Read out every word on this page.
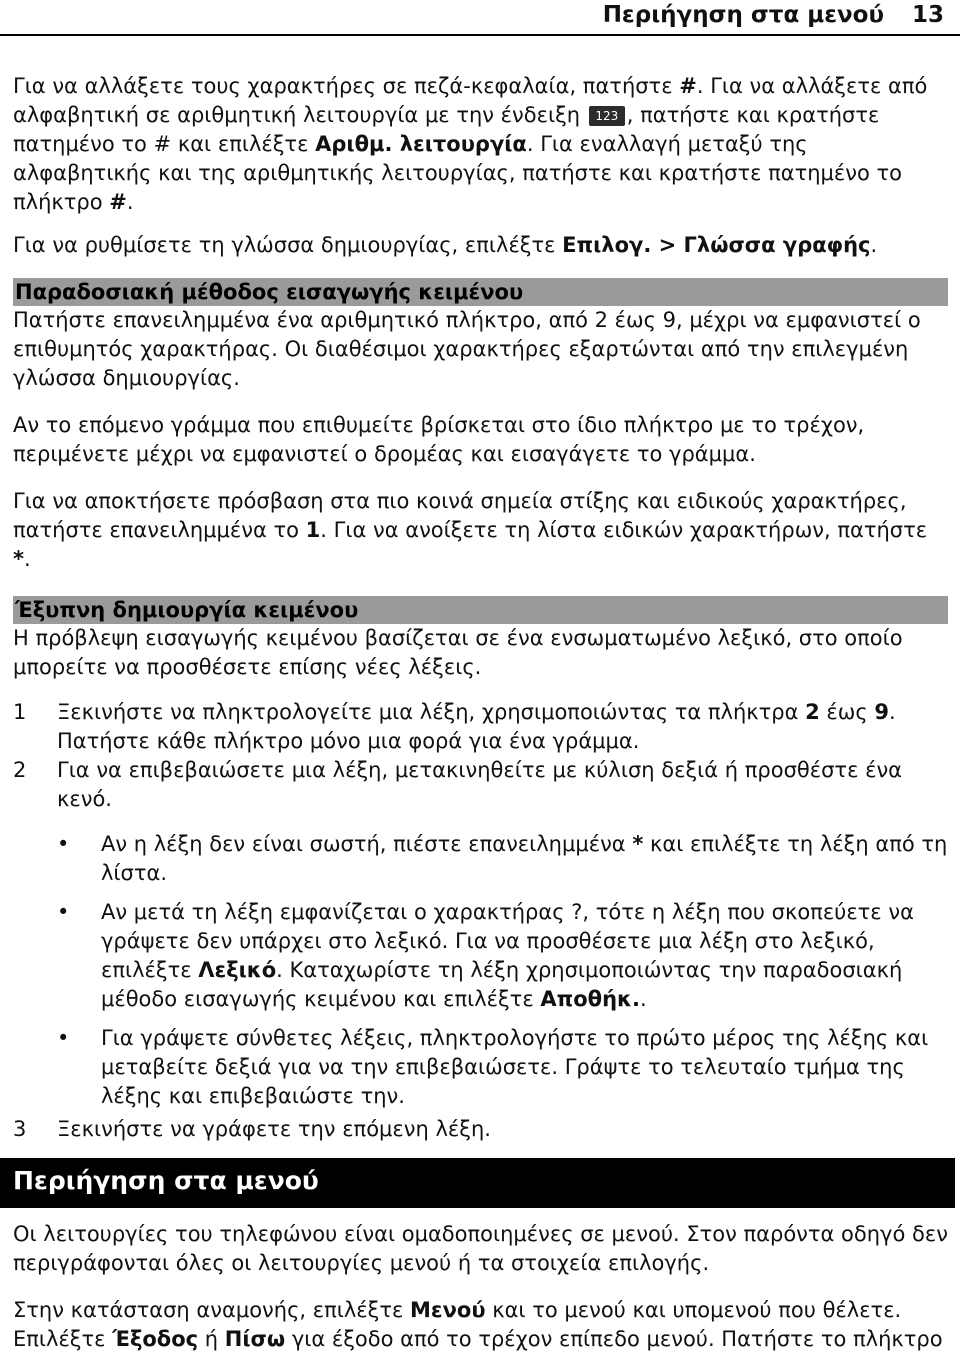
Περιήγηση στα μενού 13

Για να αλλάξετε τους χαρακτήρες σε πεζά-κεφαλαία, πατήστε #. Για να αλλάξετε από αλφαβητική σε αριθμητική λειτουργία με την ένδειξη 123 , πατήστε και κρατήστε πατημένο το # και επιλέξτε Αριθμ. λειτουργία. Για εναλλαγή μεταξύ της αλφαβητικής και της αριθμητικής λειτουργίας, πατήστε και κρατήστε πατημένο το πλήκτρο #.

Για να ρυθμίσετε τη γλώσσα δημιουργίας, επιλέξτε Επιλογ. > Γλώσσα γραφής.

Παραδοσιακή μέθοδος εισαγωγής κειμένου

Πατήστε επανειλημμένα ένα αριθμητικό πλήκτρο, από 2 έως 9, μέχρι να εμφανιστεί ο επιθυμητός χαρακτήρας. Οι διαθέσιμοι χαρακτήρες εξαρτώνται από την επιλεγμένη γλώσσα δημιουργίας.

Αν το επόμενο γράμμα που επιθυμείτε βρίσκεται στο ίδιο πλήκτρο με το τρέχον, περιμένετε μέχρι να εμφανιστεί ο δρομέας και εισαγάγετε το γράμμα.

Για να αποκτήσετε πρόσβαση στα πιο κοινά σημεία στίξης και ειδικούς χαρακτήρες, πατήστε επανειλημμένα το 1. Για να ανοίξετε τη λίστα ειδικών χαρακτήρων, πατήστε *.

Έξυπνη δημιουργία κειμένου

Η πρόβλεψη εισαγωγής κειμένου βασίζεται σε ένα ενσωματωμένο λεξικό, στο οποίο μπορείτε να προσθέσετε επίσης νέες λέξεις.

1	Ξεκινήστε να πληκτρολογείτε μια λέξη, χρησιμοποιώντας τα πλήκτρα 2 έως 9. Πατήστε κάθε πλήκτρο μόνο μια φορά για ένα γράμμα.

2	Για να επιβεβαιώσετε μια λέξη, μετακινηθείτε με κύλιση δεξιά ή προσθέστε ένα κενό.

•	Αν η λέξη δεν είναι σωστή, πιέστε επανειλημμένα * και επιλέξτε τη λέξη από τη λίστα.

•	Αν μετά τη λέξη εμφανίζεται ο χαρακτήρας ?, τότε η λέξη που σκοπεύετε να γράψετε δεν υπάρχει στο λεξικό. Για να προσθέσετε μια λέξη στο λεξικό, επιλέξτε Λεξικό. Καταχωρίστε τη λέξη χρησιμοποιώντας την παραδοσιακή μέθοδο εισαγωγής κειμένου και επιλέξτε Αποθήκ..

•	Για γράψετε σύνθετες λέξεις, πληκτρολογήστε το πρώτο μέρος της λέξης και μεταβείτε δεξιά για να την επιβεβαιώσετε. Γράψτε το τελευταίο τμήμα της λέξης και επιβεβαιώστε την.

3	Ξεκινήστε να γράφετε την επόμενη λέξη.

Περιήγηση στα μενού

Οι λειτουργίες του τηλεφώνου είναι ομαδοποιημένες σε μενού. Στον παρόντα οδηγό δεν περιγράφονται όλες οι λειτουργίες μενού ή τα στοιχεία επιλογής.

Στην κατάσταση αναμονής, επιλέξτε Μενού και το μενού και υπομενού που θέλετε. Επιλέξτε Έξοδος ή Πίσω για έξοδο από το τρέχον επίπεδο μενού. Πατήστε το πλήκτρο
